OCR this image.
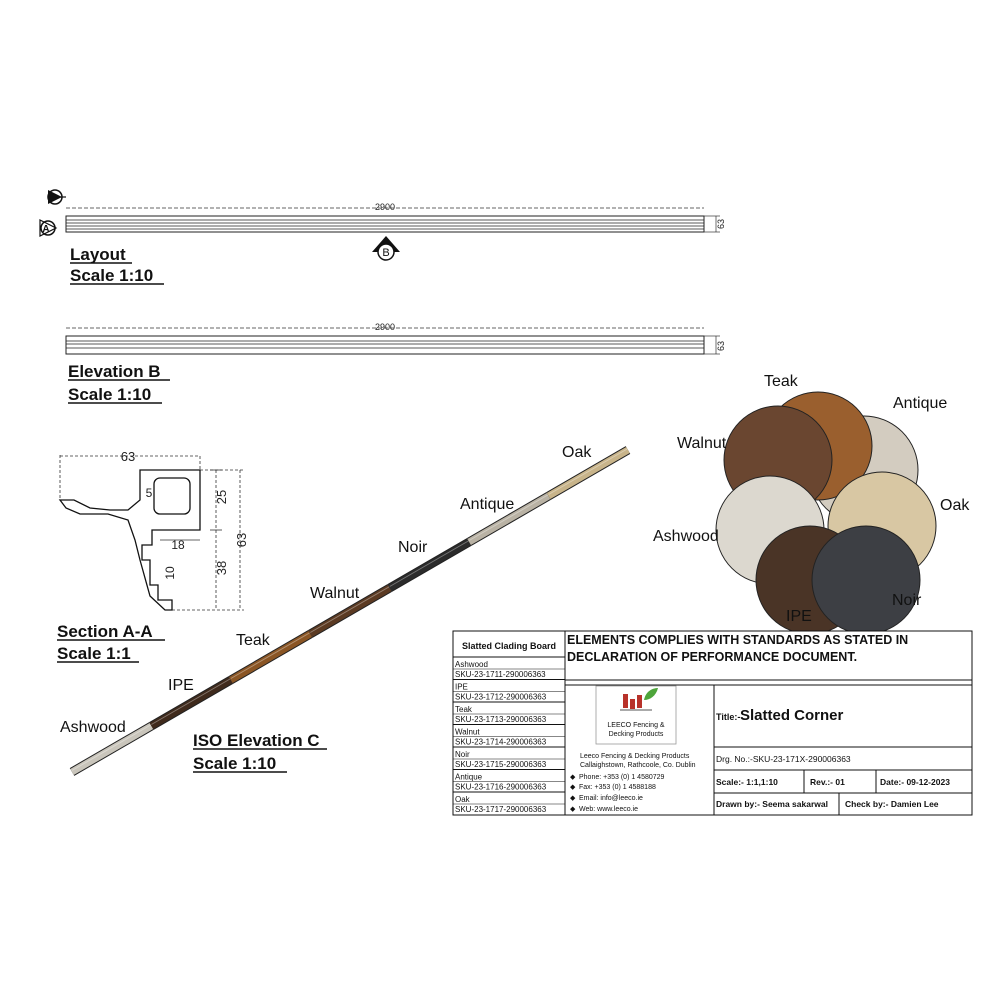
2900
63
A
B
Layout
Scale 1:10
2900
63
Elevation B
Scale 1:10
63
63
25
38
5
18
10
Section A-A
Scale 1:1
Ashwood
IPE
Teak
Walnut
Noir
Antique
Oak
ISO Elevation C
Scale 1:10
Teak
Antique
Oak
Noir
IPE
Ashwood
Walnut
Slatted Clading Board
Ashwood
SKU-23-1711-290006363
IPE
SKU-23-1712-290006363
Teak
SKU-23-1713-290006363
Walnut
SKU-23-1714-290006363
Noir
SKU-23-1715-290006363
Antique
SKU-23-1716-290006363
Oak
SKU-23-1717-290006363
ELEMENTS COMPLIES WITH STANDARDS AS STATED IN
DECLARATION OF PERFORMANCE DOCUMENT.
LEECO Fencing &
Decking Products
Leeco Fencing & Decking Products
Callaighstown, Rathcoole, Co. Dublin
◆ Phone: +353 (0) 1 4580729
◆ Fax: +353 (0) 1 4588188
◆ Email: info@leeco.ie
◆ Web: www.leeco.ie
Title:- Slatted Corner
Drg. No.:-SKU-23-171X-290006363
Scale:- 1:1,1:10	Rev.:- 01	Date:- 09-12-2023
Drawn by:- Seema sakarwal Check by:- Damien Lee
